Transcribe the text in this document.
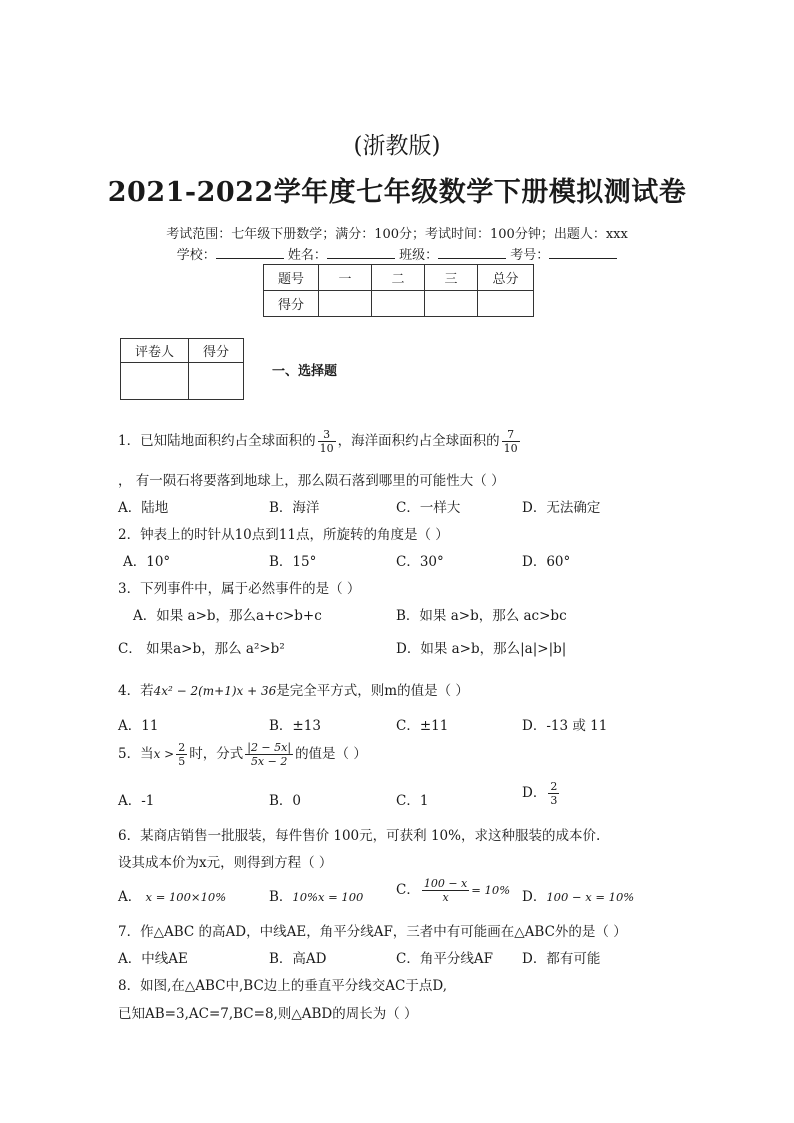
(浙教版)
2021-2022学年度七年级数学下册模拟测试卷
考试范围：七年级下册数学；满分：100分；考试时间：100分钟；出题人：xxx
学校：	姓名：	班级：	考号：
题号	一	二	三	总分
得分				
评卷人	得分

一、选择题
1．已知陆地面积约占全球面积的 $\frac{3}{10}$ ，海洋面积约占全球面积的 $\frac{7}{10}$
， 有一陨石将要落到地球上，那么陨石落到哪里的可能性大（ ）
A．陆地	B．海洋	C．一样大	D．无法确定
2．钟表上的时针从10点到11点，所旋转的角度是（ ）
A．10°	B．15°	C．30°	D．60°
3．下列事件中，属于必然事件的是（ ）
A．如果 a>b，那么a+c>b+c	B．如果 a>b，那么 ac>bc
C． 如果a>b，那么 a²>b²	D．如果 a>b，那么|a|>|b|
4．若4x² − 2(m+1)x + 36是完全平方式，则m的值是（ ）
A．11	B．±13	C．±11	D．-13 或 11
5．当$x > \frac{2}{5}$ 时，分式 $\frac{|2 - 5x|}{5x - 2}$ 的值是（ ）
A．-1	B．0	C．1	D． $\frac{2}{3}$
6．某商店销售一批服装，每件售价 100元，可获利 10%，求这种服装的成本价.
设其成本价为x元，则得到方程（ ）
A． x = 100×10%	B．10%x = 100 C． $\frac{100 - x}{x} = 10\%$ D．100 − x = 10%
7．作△ABC 的高AD，中线AE，角平分线AF，三者中有可能画在△ABC外的是（ ）
A．中线AE	B．高AD	C．角平分线AF D．都有可能
8．如图,在△ABC中,BC边上的垂直平分线交AC于点D,
已知AB=3,AC=7,BC=8,则△ABD的周长为（ ）
